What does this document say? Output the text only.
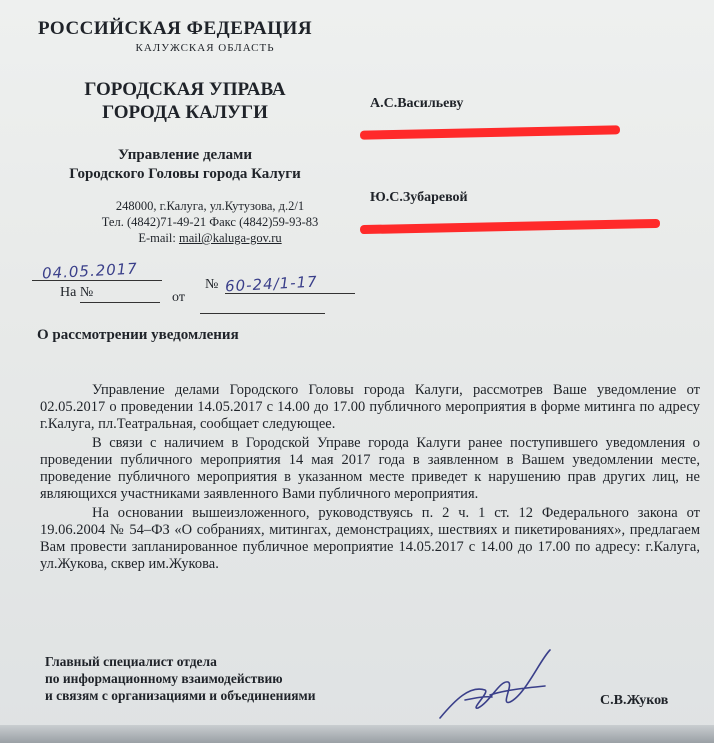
РОССИЙСКАЯ ФЕДЕРАЦИЯ
КАЛУЖСКАЯ ОБЛАСТЬ
ГОРОДСКАЯ УПРАВА
ГОРОДА КАЛУГИ
Управление делами
Городского Головы города Калуги
248000, г.Калуга, ул.Кутузова, д.2/1
Тел. (4842)71-49-21 Факс (4842)59-93-83
E-mail: mail@kaluga-gov.ru
А.С.Васильеву
Ю.С.Зубаревой
04.05.2017
№ 60-24/1-17
На №	от
О рассмотрении уведомления

Управление делами Городского Головы города Калуги, рассмотрев Ваше уведомление от 02.05.2017 о проведении 14.05.2017 с 14.00 до 17.00 публичного мероприятия в форме митинга по адресу г.Калуга, пл.Театральная, сообщает следующее.

В связи с наличием в Городской Управе города Калуги ранее поступившего уведомления о проведении публичного мероприятия 14 мая 2017 года в заявленном в Вашем уведомлении месте, проведение публичного мероприятия в указанном месте приведет к нарушению прав других лиц, не являющихся участниками заявленного Вами публичного мероприятия.

На основании вышеизложенного, руководствуясь п. 2 ч. 1 ст. 12 Федерального закона от 19.06.2004 № 54–ФЗ «О собраниях, митингах, демонстрациях, шествиях и пикетированиях», предлагаем Вам провести запланированное публичное мероприятие 14.05.2017 с 14.00 до 17.00 по адресу: г.Калуга, ул.Жукова, сквер им.Жукова.

Главный специалист отдела
по информационному взаимодействию
и связям с организациями и объединениями	С.В.Жуков
